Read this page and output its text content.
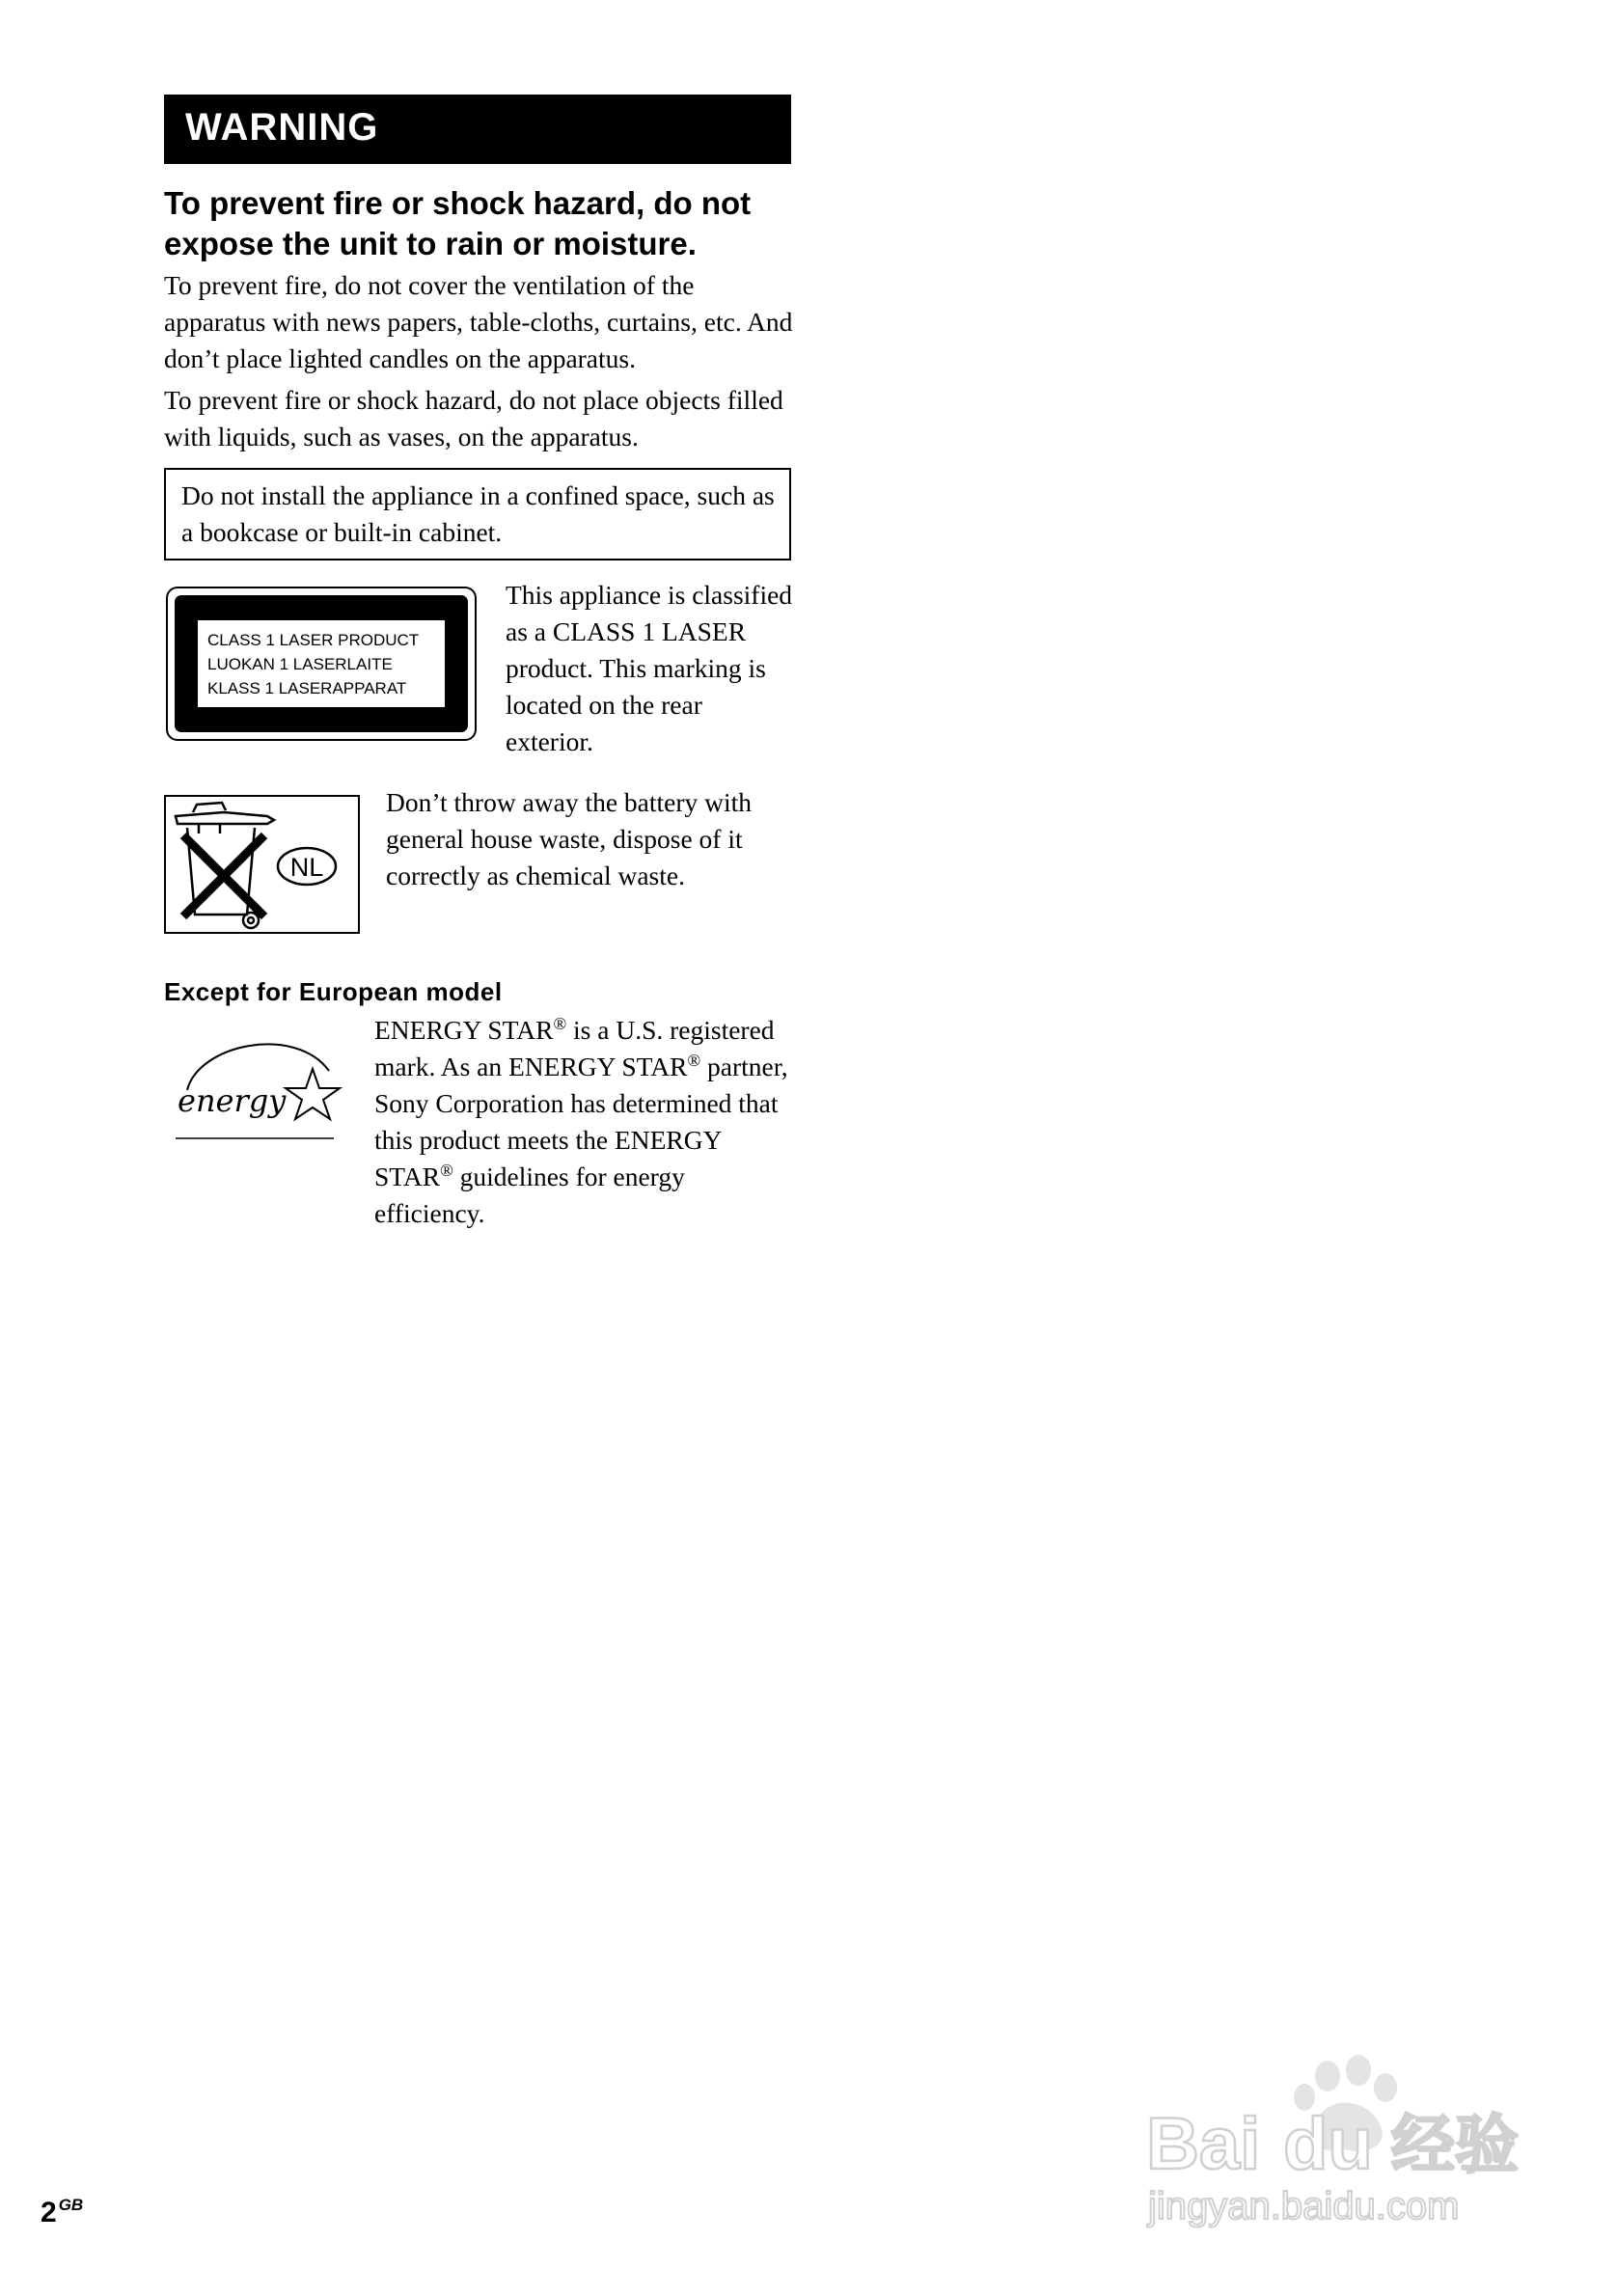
WARNING
To prevent fire or shock hazard, do not expose the unit to rain or moisture.
To prevent fire, do not cover the ventilation of the apparatus with news papers, table-cloths, curtains, etc. And don’t place lighted candles on the apparatus.
To prevent fire or shock hazard, do not place objects filled with liquids, such as vases, on the apparatus.
Do not install the appliance in a confined space, such as a bookcase or built-in cabinet.
CLASS 1 LASER PRODUCT
LUOKAN 1 LASERLAITE
KLASS 1 LASERAPPARAT
This appliance is classified as a CLASS 1 LASER product. This marking is located on the rear exterior.
NL
Don’t throw away the battery with general house waste, dispose of it correctly as chemical waste.
Except for European model
energy
ENERGY STAR® is a U.S. registered mark. As an ENERGY STAR® partner, Sony Corporation has determined that this product meets the ENERGY STAR® guidelines for energy efficiency.
2 $^{GB}$
Bai du 经验
jingyan.baidu.com
